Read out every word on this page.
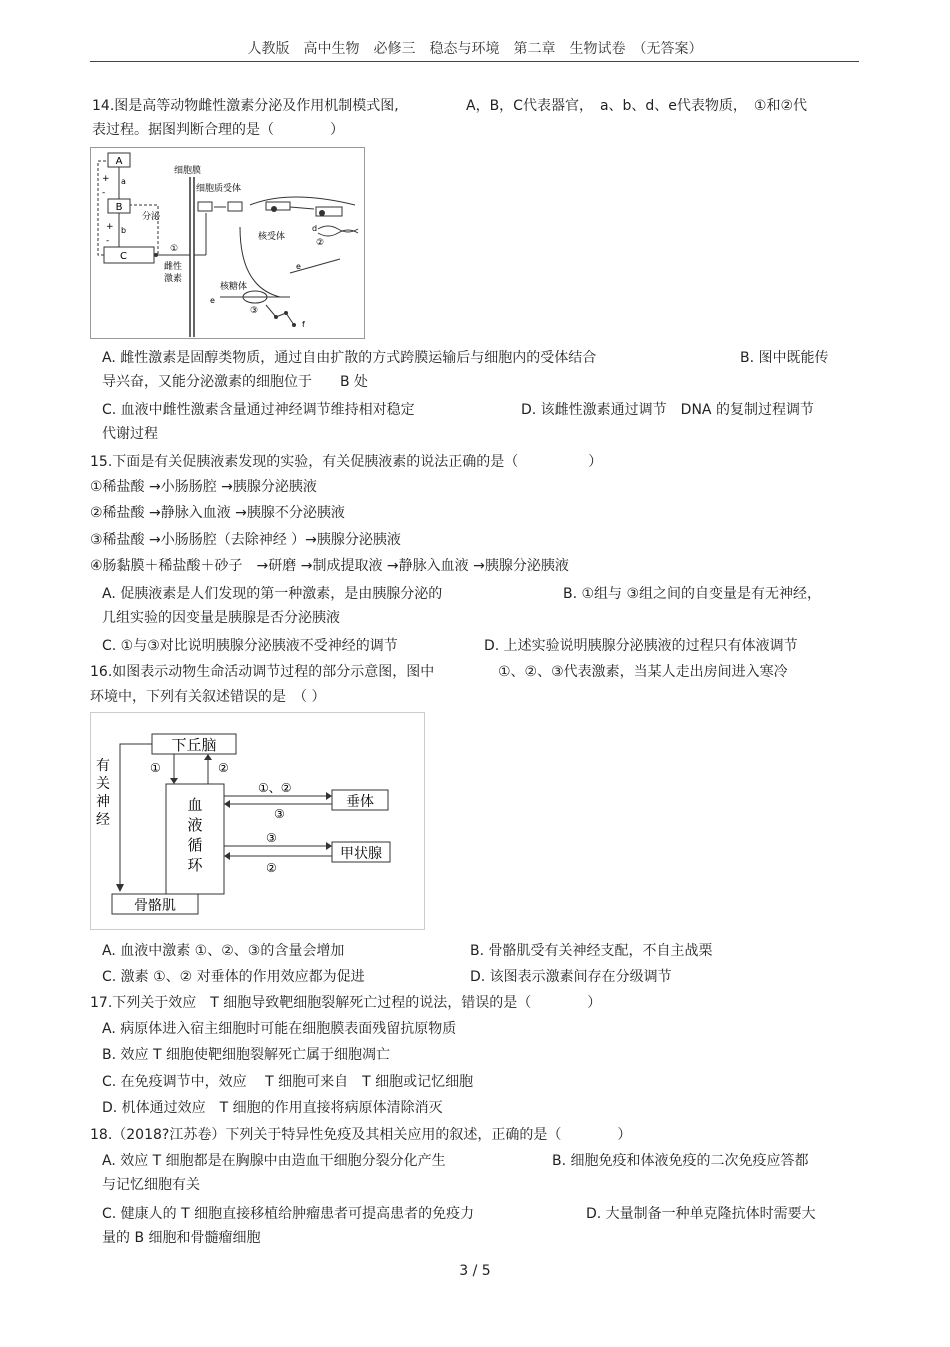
人教版　高中生物　必修三　稳态与环境　第二章　生物试卷　（无答案）
14.图是高等动物雌性激素分泌及作用机制模式图,	A，B，C代表器官，　a、b、d、e代表物质，　①和②代
表过程。据图判断合理的是（　　　　）
A
B
C
a
b
+
-
+
-
分泌
①
雌性
激素
细胞膜
细胞质受体
核受体
d
②
e
核糖体
e
③
f
A. 雌性激素是固醇类物质，通过自由扩散的方式跨膜运输后与细胞内的受体结合	B. 图中既能传
导兴奋，又能分泌激素的细胞位于　　B 处
C. 血液中雌性激素含量通过神经调节维持相对稳定	D. 该雌性激素通过调节　DNA 的复制过程调节
代谢过程
15.下面是有关促胰液素发现的实验，有关促胰液素的说法正确的是（　　　　　）
①稀盐酸 →小肠肠腔 →胰腺分泌胰液
②稀盐酸 →静脉入血液 →胰腺不分泌胰液
③稀盐酸 →小肠肠腔（去除神经 ）→胰腺分泌胰液
④肠黏膜＋稀盐酸＋砂子　→研磨 →制成提取液 →静脉入血液 →胰腺分泌胰液
A. 促胰液素是人们发现的第一种激素，是由胰腺分泌的	B. ①组与 ③组之间的自变量是有无神经，
几组实验的因变量是胰腺是否分泌胰液
C. ①与③对比说明胰腺分泌胰液不受神经的调节	D. 上述实验说明胰腺分泌胰液的过程只有体液调节
16.如图表示动物生命活动调节过程的部分示意图，图中	①、②、③代表激素，当某人走出房间进入寒冷
环境中，下列有关叙述错误的是　（ ）
下丘脑
有
关
神
经
血
液
循
环
①	②
垂体
①、②
③
甲状腺
③
②
骨骼肌
A. 血液中激素 ①、②、③的含量会增加	B. 骨骼肌受有关神经支配，不自主战栗
C. 激素 ①、② 对垂体的作用效应都为促进	D. 该图表示激素间存在分级调节
17.下列关于效应　T 细胞导致靶细胞裂解死亡过程的说法，错误的是（　　　　）
A. 病原体进入宿主细胞时可能在细胞膜表面残留抗原物质
B. 效应 T 细胞使靶细胞裂解死亡属于细胞凋亡
C. 在免疫调节中，效应　 T 细胞可来自　T 细胞或记忆细胞
D. 机体通过效应　T 细胞的作用直接将病原体清除消灭
18.（2018?江苏卷）下列关于特异性免疫及其相关应用的叙述，正确的是（　　　　）
A. 效应 T 细胞都是在胸腺中由造血干细胞分裂分化产生	B. 细胞免疫和体液免疫的二次免疫应答都
与记忆细胞有关
C. 健康人的 T 细胞直接移植给肿瘤患者可提高患者的免疫力	D. 大量制备一种单克隆抗体时需要大
量的 B 细胞和骨髓瘤细胞
3 / 5
